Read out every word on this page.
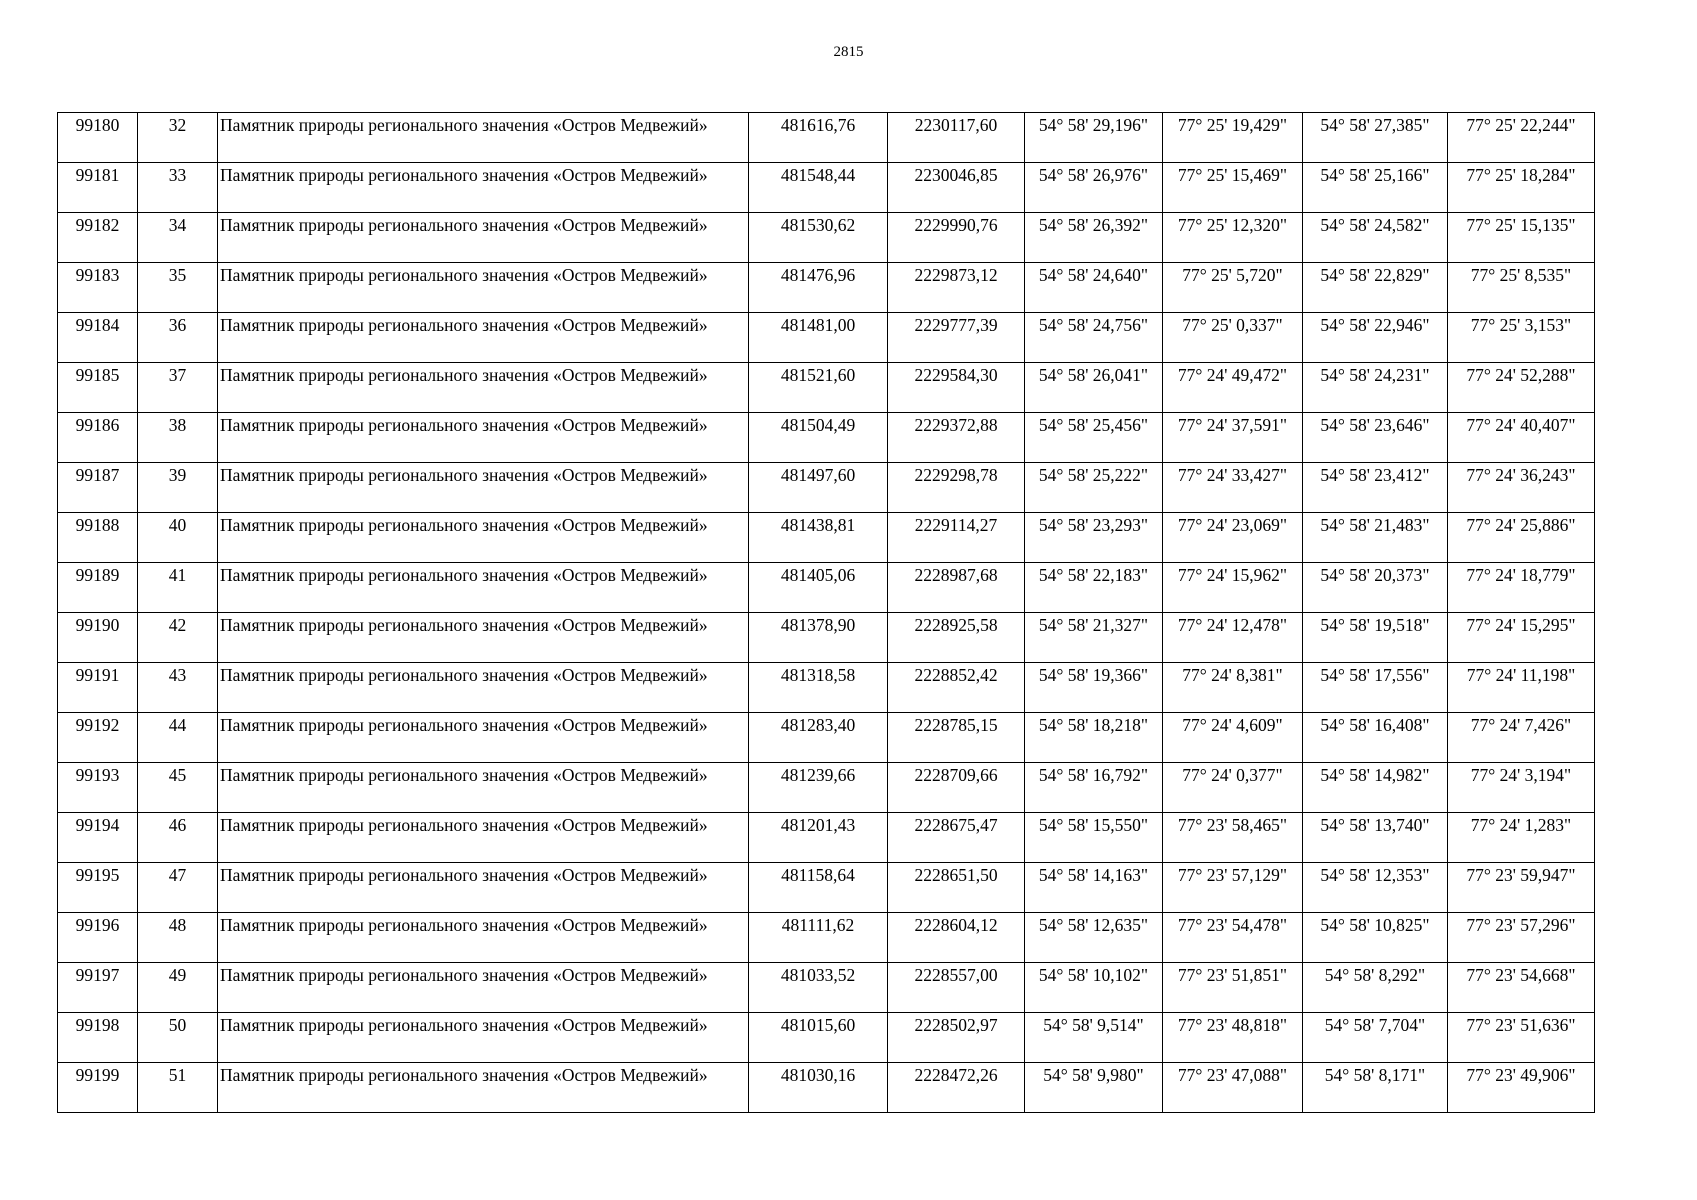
2815
99180	32	Памятник природы регионального значения «Остров Медвежий»	481616,76	2230117,60	54° 58' 29,196"	77° 25' 19,429"	54° 58' 27,385"	77° 25' 22,244"
99181	33	Памятник природы регионального значения «Остров Медвежий»	481548,44	2230046,85	54° 58' 26,976"	77° 25' 15,469"	54° 58' 25,166"	77° 25' 18,284"
99182	34	Памятник природы регионального значения «Остров Медвежий»	481530,62	2229990,76	54° 58' 26,392"	77° 25' 12,320"	54° 58' 24,582"	77° 25' 15,135"
99183	35	Памятник природы регионального значения «Остров Медвежий»	481476,96	2229873,12	54° 58' 24,640"	77° 25' 5,720"	54° 58' 22,829"	77° 25' 8,535"
99184	36	Памятник природы регионального значения «Остров Медвежий»	481481,00	2229777,39	54° 58' 24,756"	77° 25' 0,337"	54° 58' 22,946"	77° 25' 3,153"
99185	37	Памятник природы регионального значения «Остров Медвежий»	481521,60	2229584,30	54° 58' 26,041"	77° 24' 49,472"	54° 58' 24,231"	77° 24' 52,288"
99186	38	Памятник природы регионального значения «Остров Медвежий»	481504,49	2229372,88	54° 58' 25,456"	77° 24' 37,591"	54° 58' 23,646"	77° 24' 40,407"
99187	39	Памятник природы регионального значения «Остров Медвежий»	481497,60	2229298,78	54° 58' 25,222"	77° 24' 33,427"	54° 58' 23,412"	77° 24' 36,243"
99188	40	Памятник природы регионального значения «Остров Медвежий»	481438,81	2229114,27	54° 58' 23,293"	77° 24' 23,069"	54° 58' 21,483"	77° 24' 25,886"
99189	41	Памятник природы регионального значения «Остров Медвежий»	481405,06	2228987,68	54° 58' 22,183"	77° 24' 15,962"	54° 58' 20,373"	77° 24' 18,779"
99190	42	Памятник природы регионального значения «Остров Медвежий»	481378,90	2228925,58	54° 58' 21,327"	77° 24' 12,478"	54° 58' 19,518"	77° 24' 15,295"
99191	43	Памятник природы регионального значения «Остров Медвежий»	481318,58	2228852,42	54° 58' 19,366"	77° 24' 8,381"	54° 58' 17,556"	77° 24' 11,198"
99192	44	Памятник природы регионального значения «Остров Медвежий»	481283,40	2228785,15	54° 58' 18,218"	77° 24' 4,609"	54° 58' 16,408"	77° 24' 7,426"
99193	45	Памятник природы регионального значения «Остров Медвежий»	481239,66	2228709,66	54° 58' 16,792"	77° 24' 0,377"	54° 58' 14,982"	77° 24' 3,194"
99194	46	Памятник природы регионального значения «Остров Медвежий»	481201,43	2228675,47	54° 58' 15,550"	77° 23' 58,465"	54° 58' 13,740"	77° 24' 1,283"
99195	47	Памятник природы регионального значения «Остров Медвежий»	481158,64	2228651,50	54° 58' 14,163"	77° 23' 57,129"	54° 58' 12,353"	77° 23' 59,947"
99196	48	Памятник природы регионального значения «Остров Медвежий»	481111,62	2228604,12	54° 58' 12,635"	77° 23' 54,478"	54° 58' 10,825"	77° 23' 57,296"
99197	49	Памятник природы регионального значения «Остров Медвежий»	481033,52	2228557,00	54° 58' 10,102"	77° 23' 51,851"	54° 58' 8,292"	77° 23' 54,668"
99198	50	Памятник природы регионального значения «Остров Медвежий»	481015,60	2228502,97	54° 58' 9,514"	77° 23' 48,818"	54° 58' 7,704"	77° 23' 51,636"
99199	51	Памятник природы регионального значения «Остров Медвежий»	481030,16	2228472,26	54° 58' 9,980"	77° 23' 47,088"	54° 58' 8,171"	77° 23' 49,906"
